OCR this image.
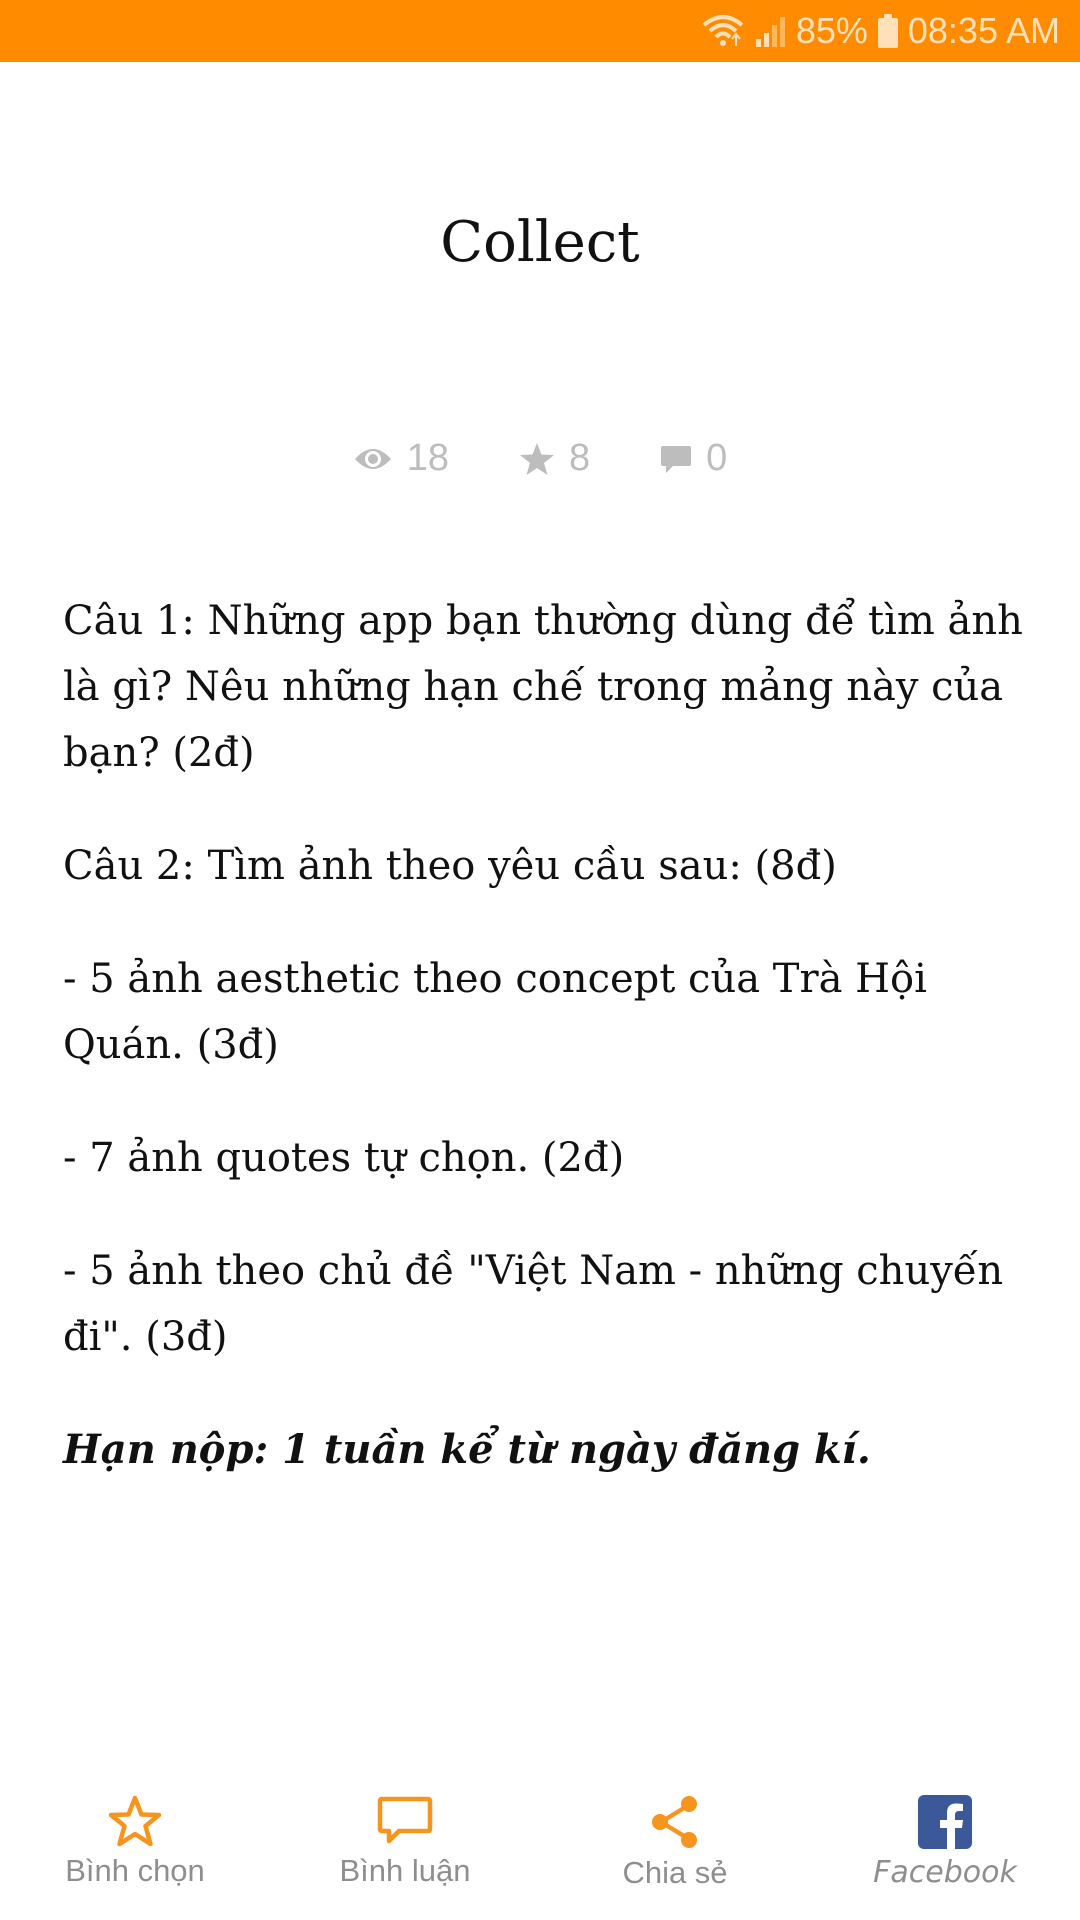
85% 08:35 AM
Collect
18	8	0

Câu 1: Những app bạn thường dùng để tìm ảnh là gì? Nêu những hạn chế trong mảng này của bạn? (2đ)

Câu 2: Tìm ảnh theo yêu cầu sau: (8đ)

- 5 ảnh aesthetic theo concept của Trà Hội Quán. (3đ)

- 7 ảnh quotes tự chọn. (2đ)

- 5 ảnh theo chủ đề "Việt Nam - những chuyến đi". (3đ)

Hạn nộp: 1 tuần kể từ ngày đăng kí.

Bình chọn	Bình luận	Chia sẻ	Facebook
